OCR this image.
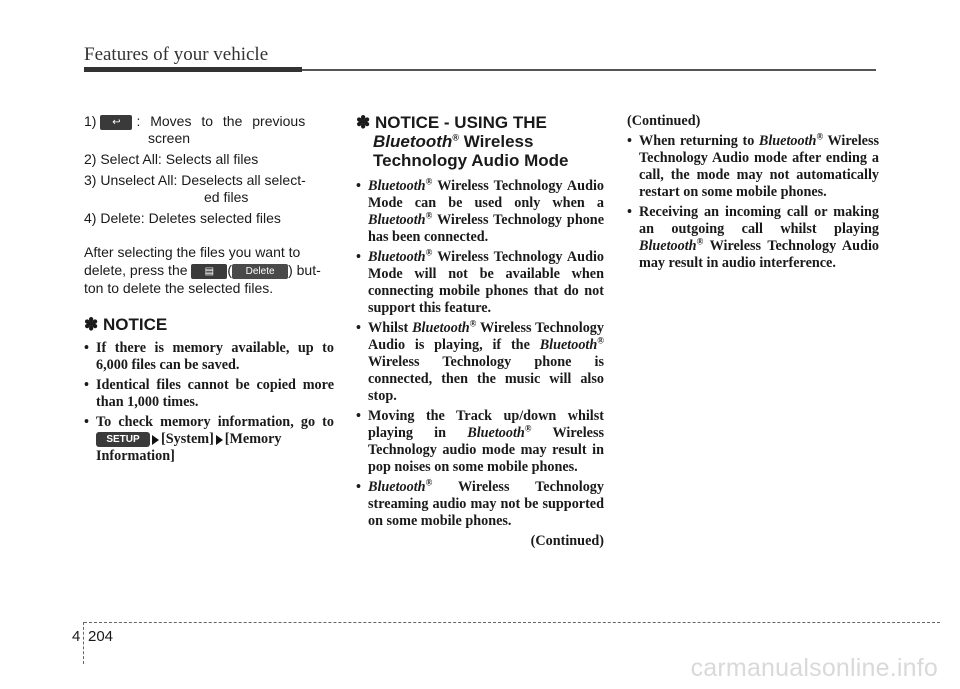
Features of your vehicle
1) ↩ : Moves to the previous
screen
2) Select All: Selects all files
3) Unselect All: Deselects all select-
ed files
4) Delete: Deletes selected files
After selecting the files you want to
delete, press the	▤ ( Delete ) but-
ton to delete the selected files.
✽ NOTICE
• If there is memory available, up to 6,000 files can be saved.
• Identical files cannot be copied more than 1,000 times.
• To check memory information, go to SETUP [System] [Memory Information]
✽ NOTICE - USING THE
Bluetooth® Wireless
Technology Audio Mode
• Bluetooth® Wireless Technology Audio Mode can be used only when a Bluetooth® Wireless Technology phone has been connected.
• Bluetooth® Wireless Technology Audio Mode will not be available when connecting mobile phones that do not support this feature.
• Whilst Bluetooth® Wireless Technology Audio is playing, if the Bluetooth® Wireless Technology phone is connected, then the music will also stop.
• Moving the Track up/down whilst playing in Bluetooth® Wireless Technology audio mode may result in pop noises on some mobile phones.
• Bluetooth® Wireless Technology streaming audio may not be supported on some mobile phones.
(Continued)
(Continued)
• When returning to Bluetooth® Wireless Technology Audio mode after ending a call, the mode may not automatically restart on some mobile phones.
• Receiving an incoming call or making an outgoing call whilst playing Bluetooth® Wireless Technology Audio may result in audio interference.
4 204
carmanualsonline.info
